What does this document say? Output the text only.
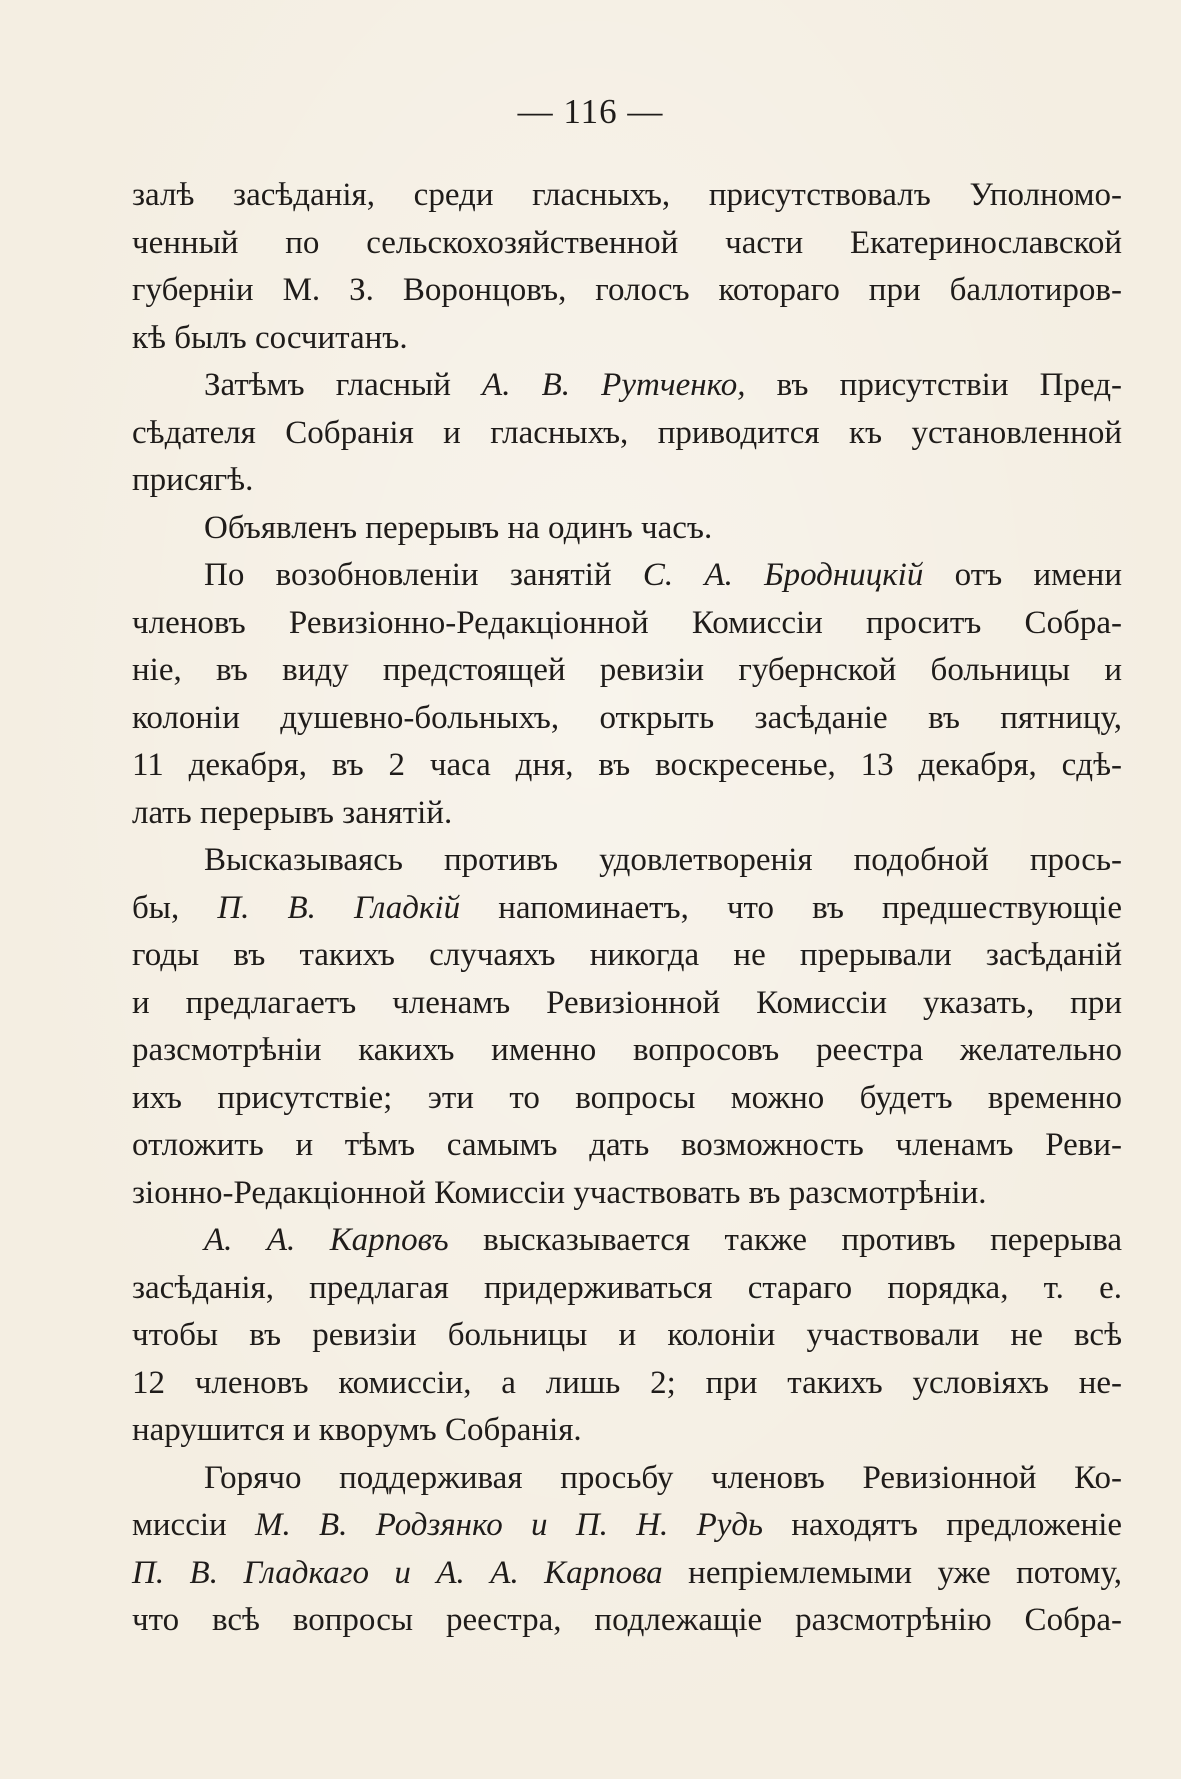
— 116 —
залѣ засѣданія, среди гласныхъ, присутствовалъ Уполномо-
ченный по сельскохозяйственной части Екатеринославской
губерніи М. З. Воронцовъ, голосъ котораго при баллотиров-
кѣ былъ сосчитанъ.
Затѣмъ гласный А. В. Рутченко, въ присутствіи Пред-
сѣдателя Собранія и гласныхъ, приводится къ установленной
присягѣ.
Объявленъ перерывъ на одинъ часъ.
По возобновленіи занятій С. А. Бродницкій отъ имени
членовъ Ревизіонно-Редакціонной Комиссіи проситъ Собра-
ніе, въ виду предстоящей ревизіи губернской больницы и
колоніи душевно-больныхъ, открыть засѣданіе въ пятницу,
11 декабря, въ 2 часа дня, въ воскресенье, 13 декабря, сдѣ-
лать перерывъ занятій.
Высказываясь противъ удовлетворенія подобной прось-
бы, П. В. Гладкій напоминаетъ, что въ предшествующіе
годы въ такихъ случаяхъ никогда не прерывали засѣданій
и предлагаетъ членамъ Ревизіонной Комиссіи указать, при
разсмотрѣніи какихъ именно вопросовъ реестра желательно
ихъ присутствіе; эти то вопросы можно будетъ временно
отложить и тѣмъ самымъ дать возможность членамъ Реви-
зіонно-Редакціонной Комиссіи участвовать въ разсмотрѣніи.
А. А. Карповъ высказывается также противъ перерыва
засѣданія, предлагая придерживаться стараго порядка, т. е.
чтобы въ ревизіи больницы и колоніи участвовали не всѣ
12 членовъ комиссіи, а лишь 2; при такихъ условіяхъ не-
нарушится и кворумъ Собранія.
Горячо поддерживая просьбу членовъ Ревизіонной Ко-
миссіи М. В. Родзянко и П. Н. Рудь находятъ предложеніе
П. В. Гладкаго и А. А. Карпова непріемлемыми уже потому,
что всѣ вопросы реестра, подлежащіе разсмотрѣнію Собра-
